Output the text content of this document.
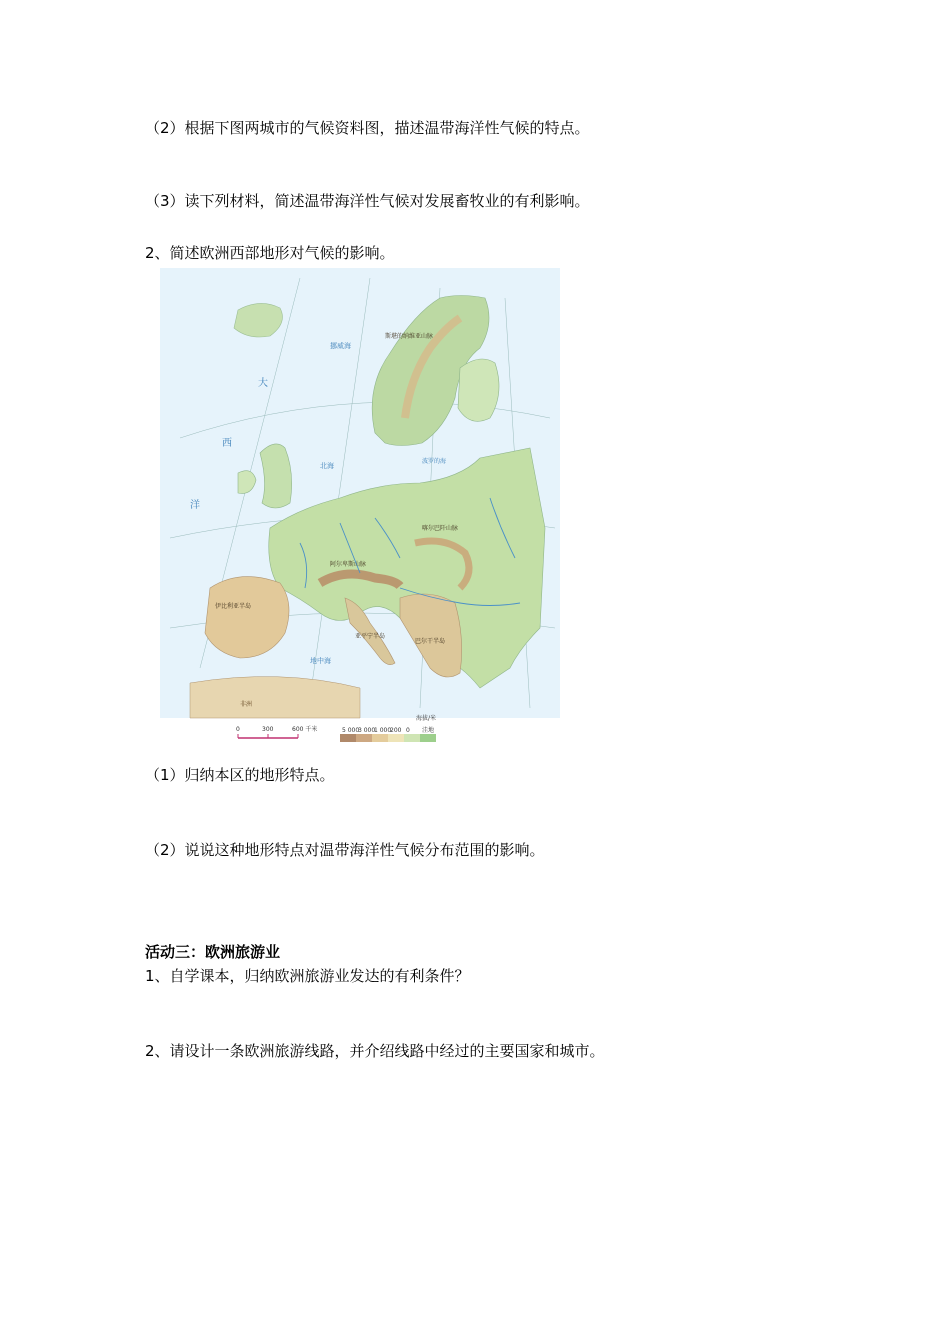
（2）根据下图两城市的气候资料图，描述温带海洋性气候的特点。
（3）读下列材料，简述温带海洋性气候对发展畜牧业的有利影响。
2、简述欧洲西部地形对气候的影响。
大
西
洋
挪威海
北海
波罗的海
地中海
伊比利亚半岛
阿尔卑斯山脉
喀尔巴阡山脉
巴尔干半岛
亚平宁半岛
斯堪的纳维亚山脉
非洲
0	300	600 千米
海拔/米
5 000
3 000
1 000
200 0 洼地
（1）归纳本区的地形特点。
（2）说说这种地形特点对温带海洋性气候分布范围的影响。
活动三：欧洲旅游业
1、自学课本，归纳欧洲旅游业发达的有利条件？
2、请设计一条欧洲旅游线路，并介绍线路中经过的主要国家和城市。
